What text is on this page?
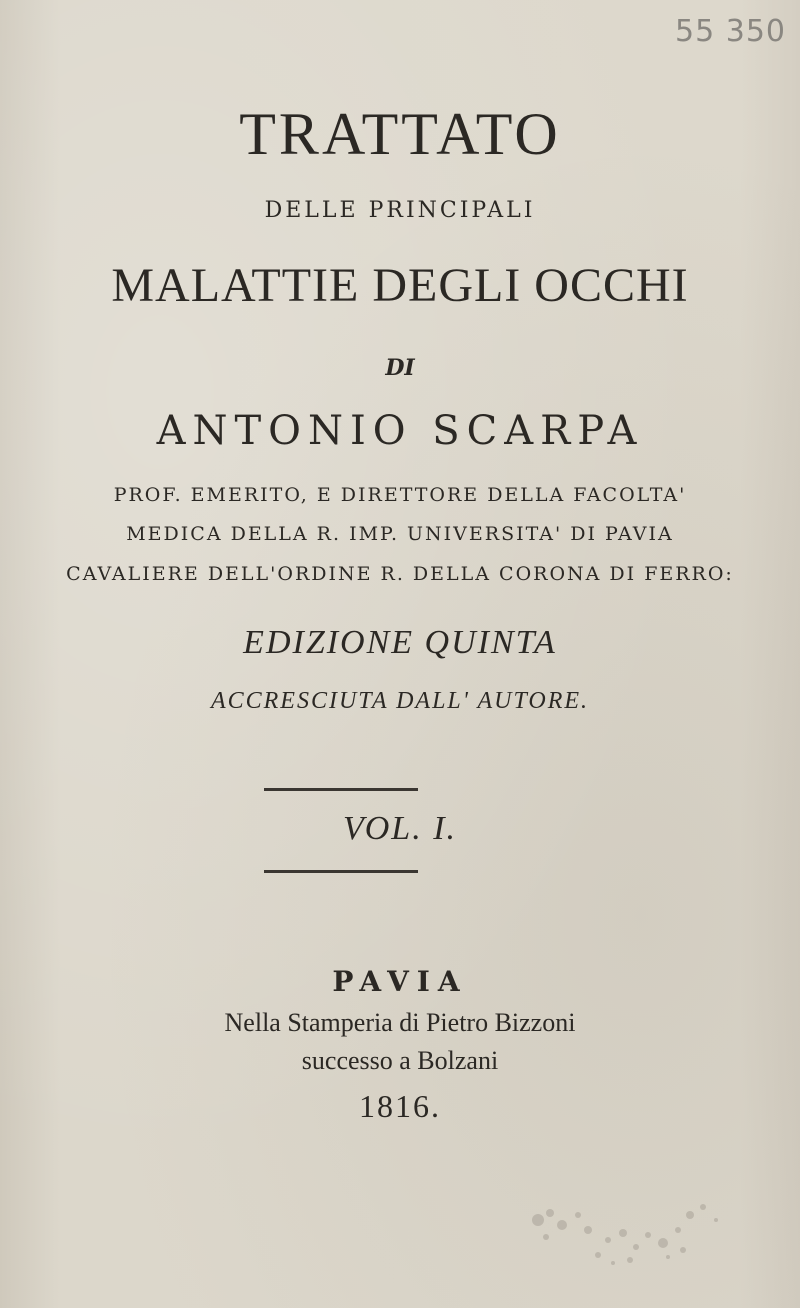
55 350
TRATTATO
DELLE PRINCIPALI
MALATTIE DEGLI OCCHI
DI
ANTONIO SCARPA
PROF. EMERITO, E DIRETTORE DELLA FACOLTA'
MEDICA DELLA R. IMP. UNIVERSITA' DI PAVIA
CAVALIERE DELL'ORDINE R. DELLA CORONA DI FERRO:
EDIZIONE QUINTA
ACCRESCIUTA DALL' AUTORE.
VOL. I.
PAVIA
Nella Stamperia di Pietro Bizzoni
successo a Bolzani
1816.
